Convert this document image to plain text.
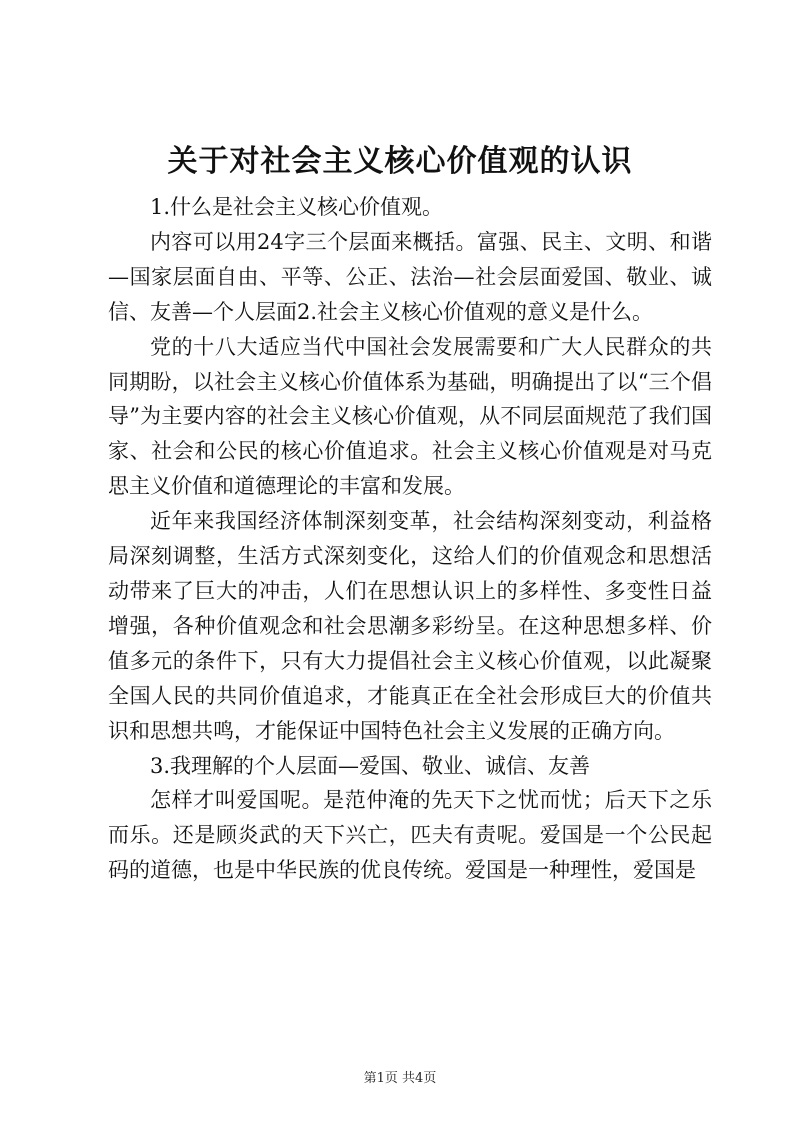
关于对社会主义核心价值观的认识

1.什么是社会主义核心价值观。

内容可以用24字三个层面来概括。富强、民主、文明、和谐—国家层面自由、平等、公正、法治—社会层面爱国、敬业、诚信、友善—个人层面2.社会主义核心价值观的意义是什么。

党的十八大适应当代中国社会发展需要和广大人民群众的共同期盼，以社会主义核心价值体系为基础，明确提出了以“三个倡导”为主要内容的社会主义核心价值观，从不同层面规范了我们国家、社会和公民的核心价值追求。社会主义核心价值观是对马克思主义价值和道德理论的丰富和发展。

近年来我国经济体制深刻变革，社会结构深刻变动，利益格局深刻调整，生活方式深刻变化，这给人们的价值观念和思想活动带来了巨大的冲击，人们在思想认识上的多样性、多变性日益增强，各种价值观念和社会思潮多彩纷呈。在这种思想多样、价值多元的条件下，只有大力提倡社会主义核心价值观，以此凝聚全国人民的共同价值追求，才能真正在全社会形成巨大的价值共识和思想共鸣，才能保证中国特色社会主义发展的正确方向。

3.我理解的个人层面—爱国、敬业、诚信、友善

怎样才叫爱国呢。是范仲淹的先天下之忧而忧；后天下之乐而乐。还是顾炎武的天下兴亡，匹夫有责呢。爱国是一个公民起码的道德，也是中华民族的优良传统。爱国是一种理性，爱国是

第1页 共4页
